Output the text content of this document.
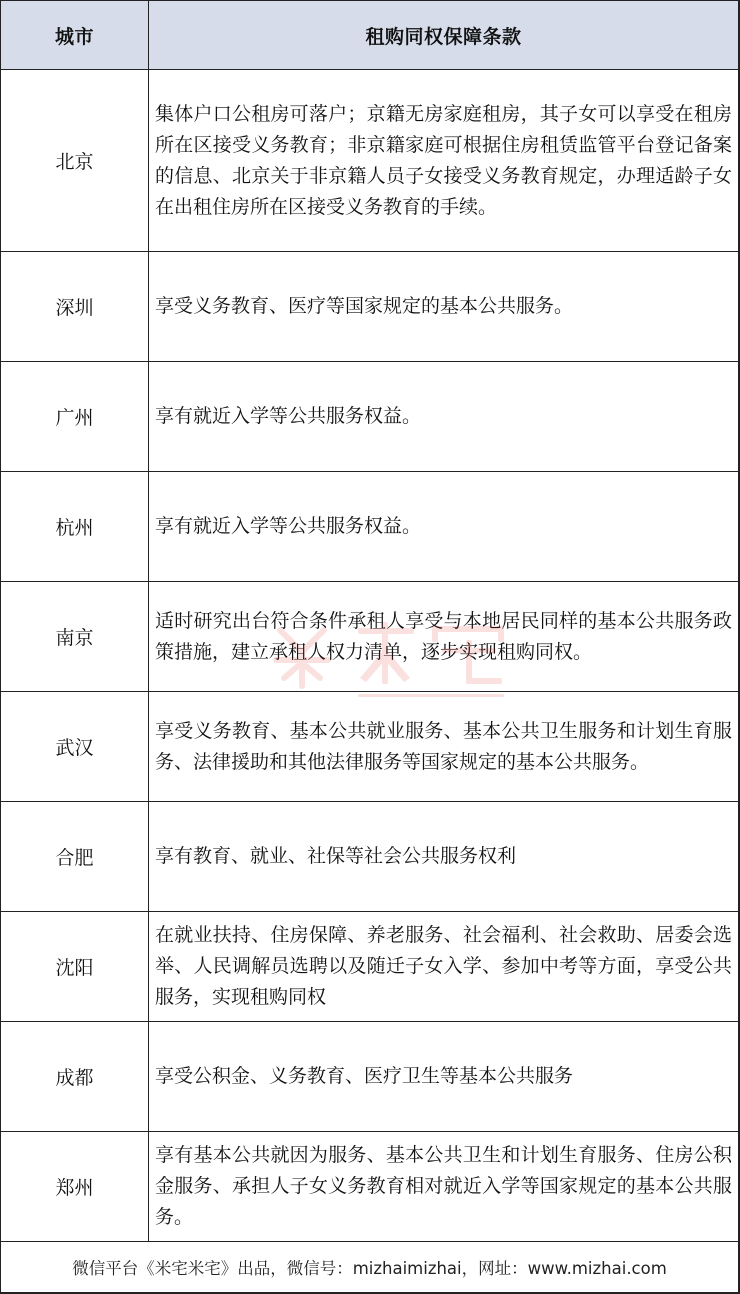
城市	租购同权保障条款
北京	集体户口公租房可落户；京籍无房家庭租房，其子女可以享受在租房所在区接受义务教育；非京籍家庭可根据住房租赁监管平台登记备案的信息、北京关于非京籍人员子女接受义务教育规定，办理适龄子女在出租住房所在区接受义务教育的手续。
深圳	享受义务教育、医疗等国家规定的基本公共服务。
广州	享有就近入学等公共服务权益。
杭州	享有就近入学等公共服务权益。
南京	适时研究出台符合条件承租人享受与本地居民同样的基本公共服务政策措施，建立承租人权力清单，逐步实现租购同权。
武汉	享受义务教育、基本公共就业服务、基本公共卫生服务和计划生育服务、法律援助和其他法律服务等国家规定的基本公共服务。
合肥	享有教育、就业、社保等社会公共服务权利
沈阳	在就业扶持、住房保障、养老服务、社会福利、社会救助、居委会选举、人民调解员选聘以及随迁子女入学、参加中考等方面，享受公共服务，实现租购同权
成都	享受公积金、义务教育、医疗卫生等基本公共服务
郑州	享有基本公共就因为服务、基本公共卫生和计划生育服务、住房公积金服务、承担人子女义务教育相对就近入学等国家规定的基本公共服务。
微信平台《米宅米宅》出品，微信号：mizhaimizhai，网址：www.mizhai.com	
